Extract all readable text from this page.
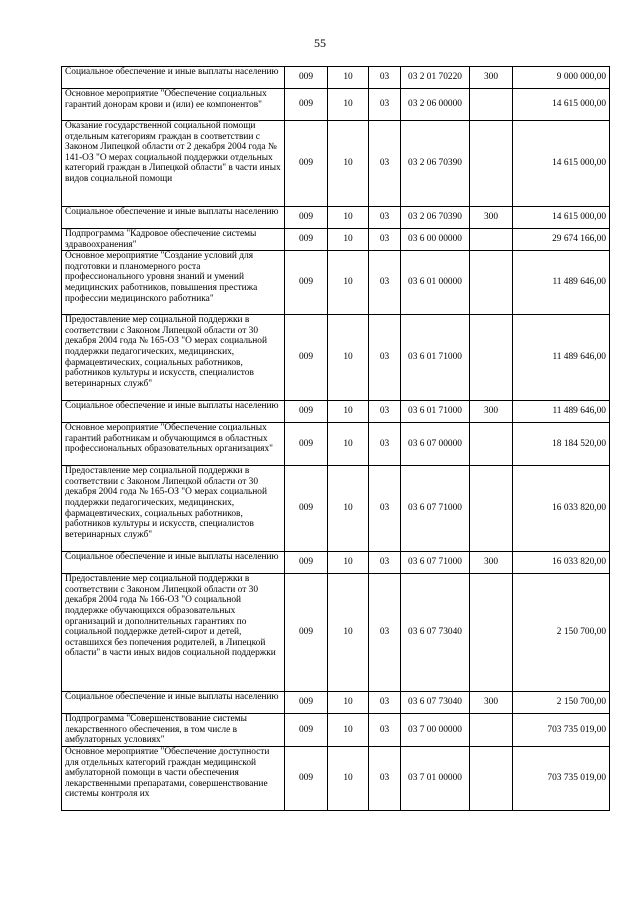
55
Социальное обеспечение и иные выплаты населению	009	10	03	03 2 01 70220	300	9 000 000,00
Основное мероприятие "Обеспечение социальных гарантий донорам крови и (или) ее компонентов"	009	10	03	03 2 06 00000		14 615 000,00
Оказание государственной социальной помощи отдельным категориям граждан в соответствии с Законом Липецкой области от 2 декабря 2004 года № 141-ОЗ "О мерах социальной поддержки отдельных категорий граждан в Липецкой области" в части иных видов социальной помощи	009	10	03	03 2 06 70390		14 615 000,00
Социальное обеспечение и иные выплаты населению	009	10	03	03 2 06 70390	300	14 615 000,00
Подпрограмма "Кадровое обеспечение системы здравоохранения"	009	10	03	03 6 00 00000		29 674 166,00
Основное мероприятие "Создание условий для подготовки и планомерного роста профессионального уровня знаний и умений медицинских работников, повышения престижа профессии медицинского работника"	009	10	03	03 6 01 00000		11 489 646,00
Предоставление мер социальной поддержки в соответствии с Законом Липецкой области от 30 декабря 2004 года № 165-ОЗ "О мерах социальной поддержки педагогических, медицинских, фармацевтических, социальных работников, работников культуры и искусств, специалистов ветеринарных служб"	009	10	03	03 6 01 71000		11 489 646,00
Социальное обеспечение и иные выплаты населению	009	10	03	03 6 01 71000	300	11 489 646,00
Основное мероприятие "Обеспечение социальных гарантий работникам и обучающимся в областных профессиональных образовательных организациях"	009	10	03	03 6 07 00000		18 184 520,00
Предоставление мер социальной поддержки в соответствии с Законом Липецкой области от 30 декабря 2004 года № 165-ОЗ "О мерах социальной поддержки педагогических, медицинских, фармацевтических, социальных работников, работников культуры и искусств, специалистов ветеринарных служб"	009	10	03	03 6 07 71000		16 033 820,00
Социальное обеспечение и иные выплаты населению	009	10	03	03 6 07 71000	300	16 033 820,00
Предоставление мер социальной поддержки в соответствии с Законом Липецкой области от 30 декабря 2004 года № 166-ОЗ "О социальной поддержке обучающихся образовательных организаций и дополнительных гарантиях по социальной поддержке детей-сирот и детей, оставшихся без попечения родителей, в Липецкой области" в части иных видов социальной поддержки	009	10	03	03 6 07 73040		2 150 700,00
Социальное обеспечение и иные выплаты населению	009	10	03	03 6 07 73040	300	2 150 700,00
Подпрограмма "Совершенствование системы лекарственного обеспечения, в том числе в амбулаторных условиях"	009	10	03	03 7 00 00000		703 735 019,00
Основное мероприятие "Обеспечение доступности для отдельных категорий граждан медицинской амбулаторной помощи в части обеспечения лекарственными препаратами, совершенствование системы контроля их	009	10	03	03 7 01 00000		703 735 019,00
